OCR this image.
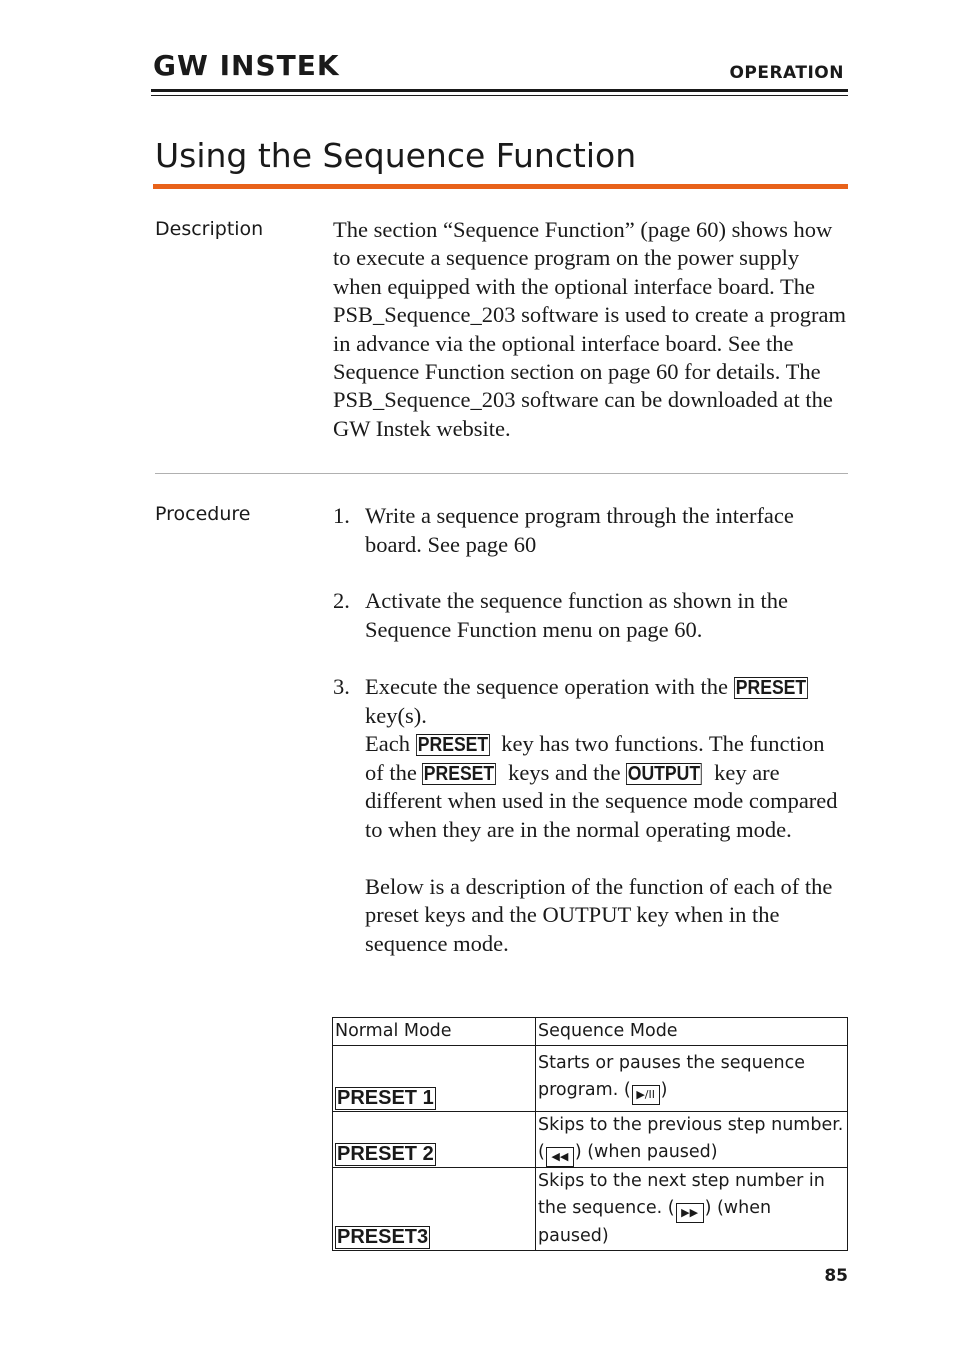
GW INSTEK	OPERATION
Using the Sequence Function
Description	The section “Sequence Function” (page 60) shows how to execute a sequence program on the power supply when equipped with the optional interface board. The PSB_Sequence_203 software is used to create a program in advance via the optional interface board. See the Sequence Function section on page 60 for details. The PSB_Sequence_203 software can be downloaded at the GW Instek website.
Procedure	1. Write a sequence program through the interface board. See page 60
2. Activate the sequence function as shown in the Sequence Function menu on page 60.
3. Execute the sequence operation with the PRESET key(s).
Each PRESET key has two functions. The function of the PRESET keys and the OUTPUT key are different when used in the sequence mode compared to when they are in the normal operating mode.
Below is a description of the function of each of the preset keys and the OUTPUT key when in the sequence mode.
Normal Mode	Sequence Mode
PRESET 1	Starts or pauses the sequence program. ( ▶/II )

PRESET 2	Skips to the previous step number. ( ◀◀ ) (when paused)

PRESET3	Skips to the next step number in the sequence. ( ▶▶ ) (when paused)
85
